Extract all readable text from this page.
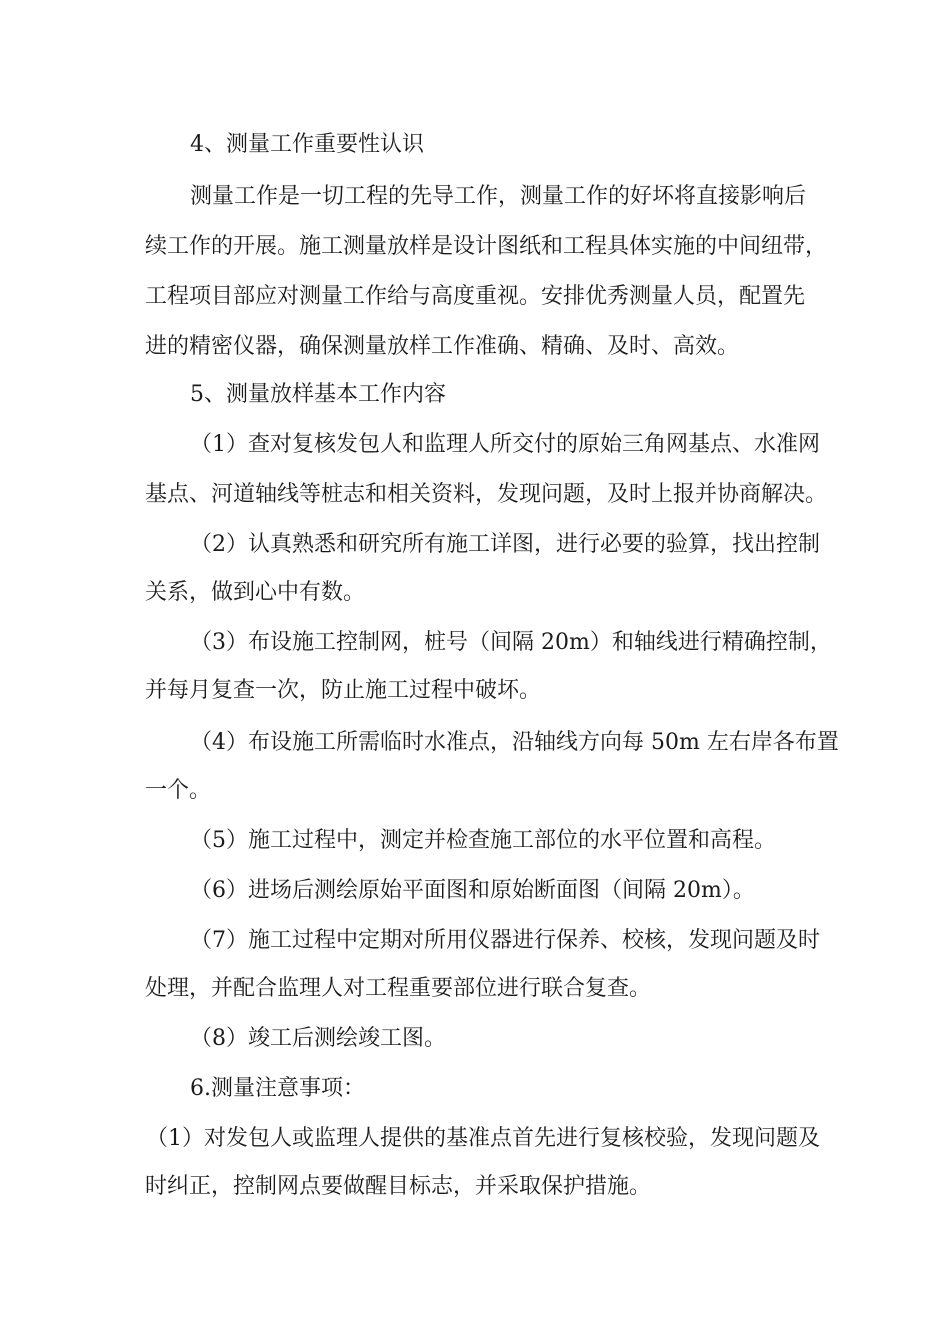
4、测量工作重要性认识
测量工作是一切工程的先导工作，测量工作的好坏将直接影响后
续工作的开展。施工测量放样是设计图纸和工程具体实施的中间纽带，
工程项目部应对测量工作给与高度重视。安排优秀测量人员，配置先
进的精密仪器，确保测量放样工作准确、精确、及时、高效。
5、测量放样基本工作内容
（1）查对复核发包人和监理人所交付的原始三角网基点、水准网
基点、河道轴线等桩志和相关资料，发现问题，及时上报并协商解决。
（2）认真熟悉和研究所有施工详图，进行必要的验算，找出控制
关系，做到心中有数。
（3）布设施工控制网，桩号（间隔 20m）和轴线进行精确控制，
并每月复查一次，防止施工过程中破坏。
（4）布设施工所需临时水准点，沿轴线方向每 50m 左右岸各布置
一个。
（5）施工过程中，测定并检查施工部位的水平位置和高程。
（6）进场后测绘原始平面图和原始断面图（间隔 20m）。
（7）施工过程中定期对所用仪器进行保养、校核，发现问题及时
处理，并配合监理人对工程重要部位进行联合复查。
（8）竣工后测绘竣工图。
6.测量注意事项：
（1）对发包人或监理人提供的基准点首先进行复核校验，发现问题及
时纠正，控制网点要做醒目标志，并采取保护措施。
